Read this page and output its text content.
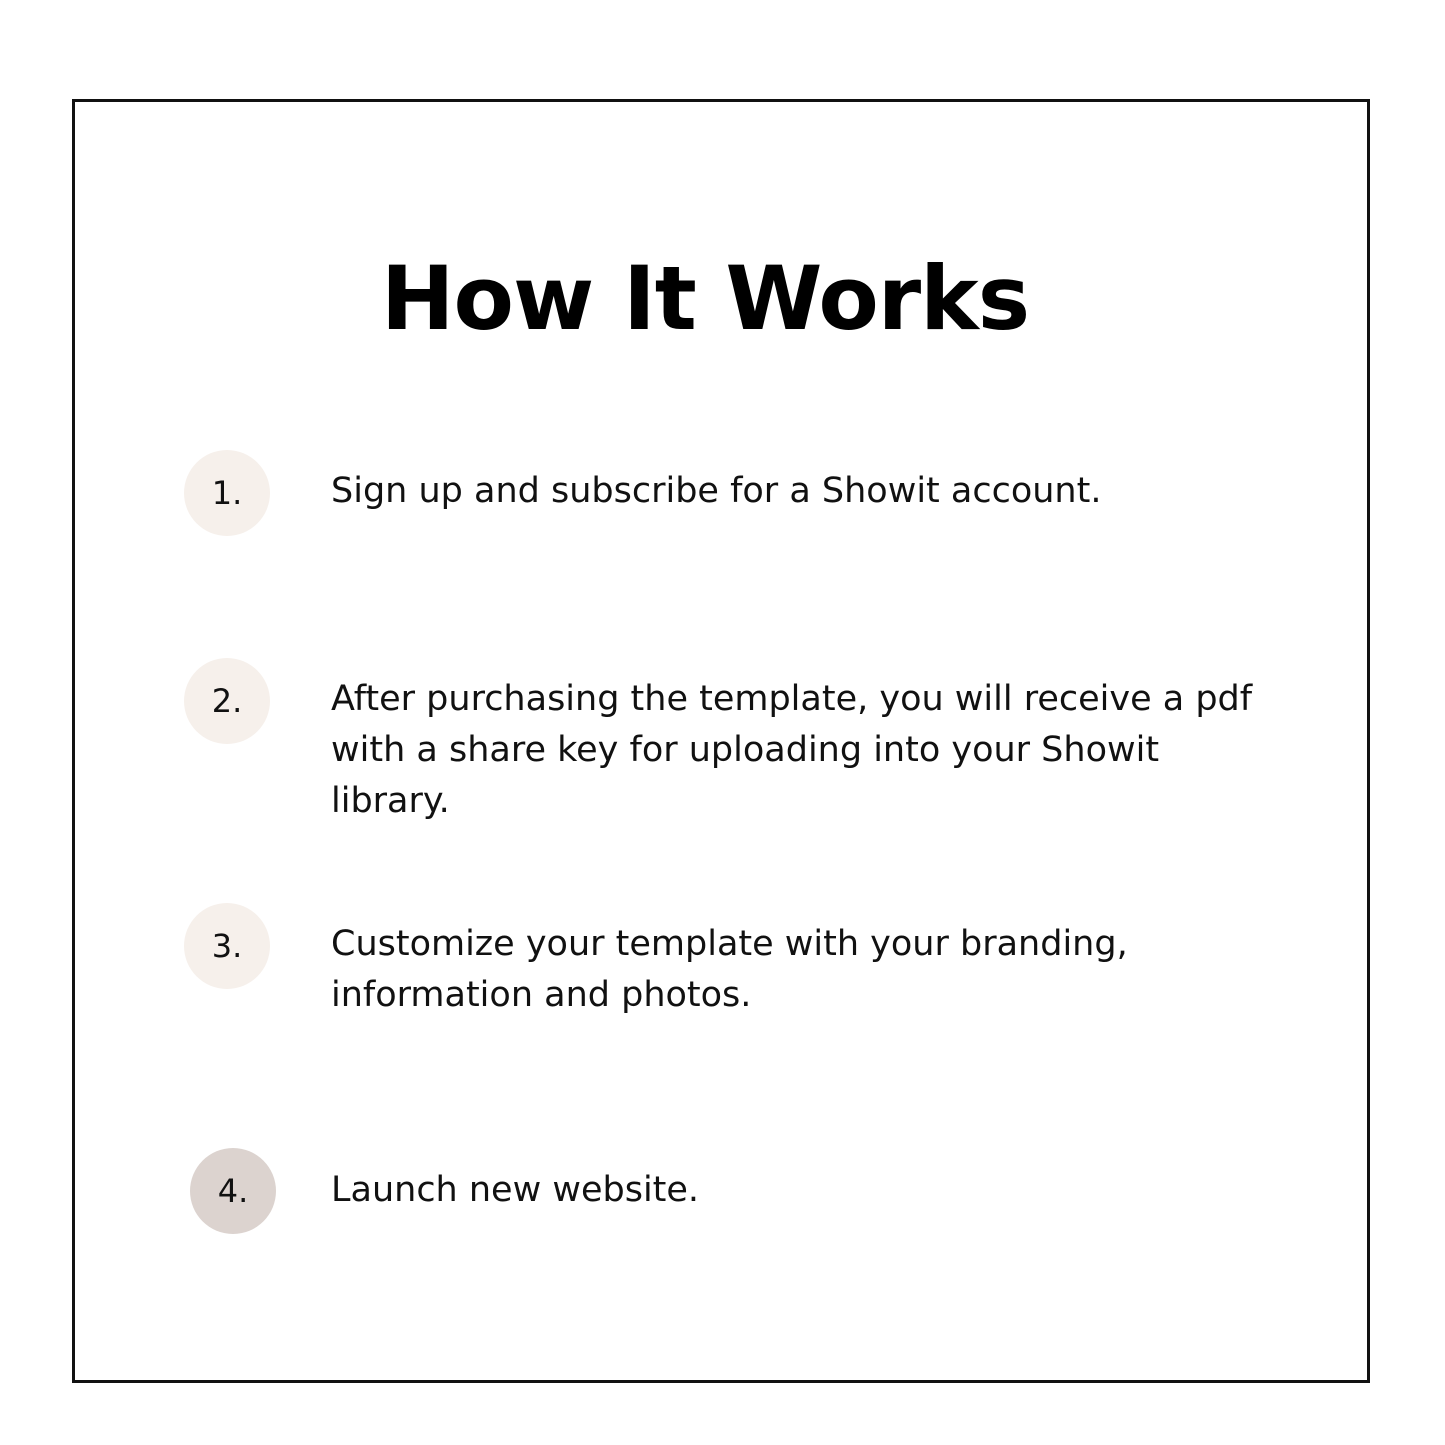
How It Works
1.	Sign up and subscribe for a Showit account.
2.	After purchasing the template, you will receive a pdf with a share key for uploading into your Showit library.
3.	Customize your template with your branding, information and photos.
4.	Launch new website.
